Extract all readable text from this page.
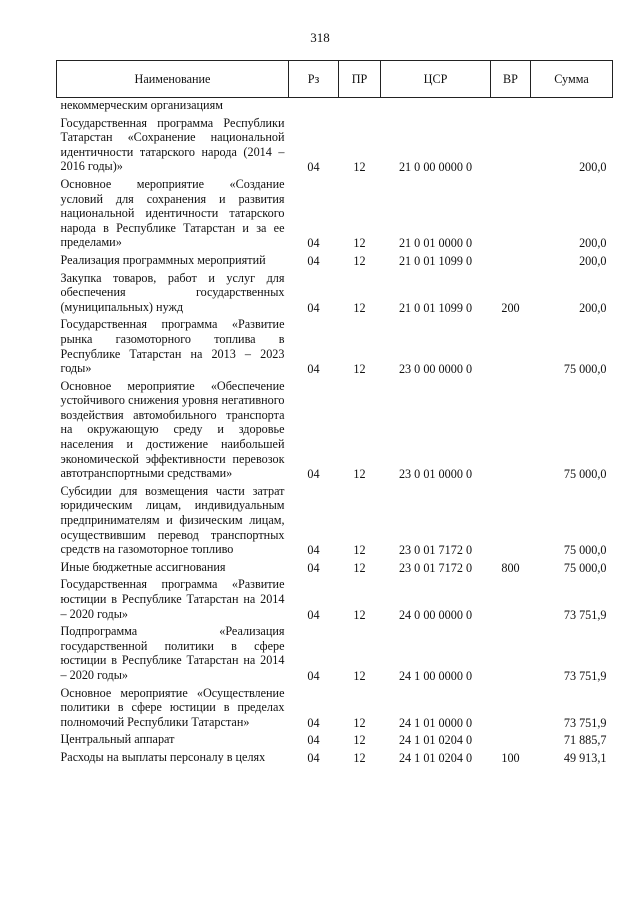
318
Наименование	Рз	ПР	ЦСР	ВР	Сумма
некоммерческим организациям					
Государственная программа Республики Татарстан «Сохранение национальной идентичности татарского народа (2014 – 2016 годы)»	04	12	21 0 00 0000 0		200,0
Основное мероприятие «Создание условий для сохранения и развития национальной идентичности татарского народа в Республике Татарстан и за ее пределами»	04	12	21 0 01 0000 0		200,0
Реализация программных мероприятий	04	12	21 0 01 1099 0		200,0
Закупка товаров, работ и услуг для обеспечения государственных (муниципальных) нужд	04	12	21 0 01 1099 0	200	200,0
Государственная программа «Развитие рынка газомоторного топлива в Республике Татарстан на 2013 – 2023 годы»	04	12	23 0 00 0000 0		75 000,0
Основное мероприятие «Обеспечение устойчивого снижения уровня негативного воздействия автомобильного транспорта на окружающую среду и здоровье населения и достижение наибольшей экономической эффективности перевозок автотранспортными средствами»	04	12	23 0 01 0000 0		75 000,0
Субсидии для возмещения части затрат юридическим лицам, индивидуальным предпринимателям и физическим лицам, осуществившим перевод транспортных средств на газомоторное топливо	04	12	23 0 01 7172 0		75 000,0
Иные бюджетные ассигнования	04	12	23 0 01 7172 0	800	75 000,0
Государственная программа «Развитие юстиции в Республике Татарстан на 2014 – 2020 годы»	04	12	24 0 00 0000 0		73 751,9
Подпрограмма «Реализация государственной политики в сфере юстиции в Республике Татарстан на 2014 – 2020 годы»	04	12	24 1 00 0000 0		73 751,9
Основное мероприятие «Осуществление политики в сфере юстиции в пределах полномочий Республики Татарстан»	04	12	24 1 01 0000 0		73 751,9
Центральный аппарат	04	12	24 1 01 0204 0		71 885,7
Расходы на выплаты персоналу в целях	04	12	24 1 01 0204 0	100	49 913,1
